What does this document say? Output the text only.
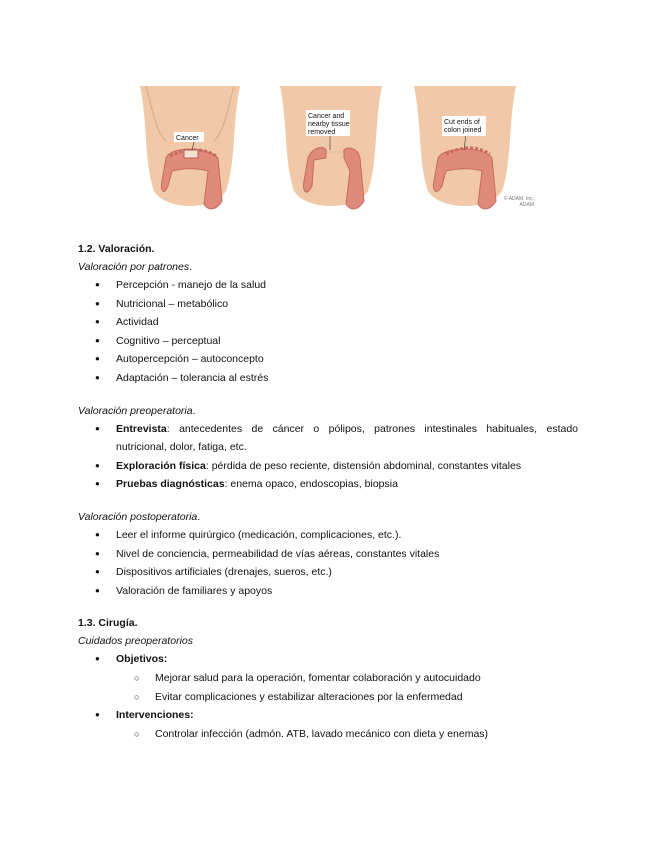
Cancer
Cancer and
nearby tissue
removed
Cut ends of
colon joined
© ADAM, Inc.
ADAM
1.2. Valoración.
Valoración por patrones.
● Percepción - manejo de la salud
● Nutricional – metabólico
● Actividad
● Cognitivo – perceptual
● Autopercepción – autoconcepto
● Adaptación – tolerancia al estrés
Valoración preoperatoria.
● Entrevista: antecedentes de cáncer o pólipos, patrones intestinales habituales, estado
nutricional, dolor, fatiga, etc.
● Exploración física: pérdida de peso reciente, distensión abdominal, constantes vitales
● Pruebas diagnósticas: enema opaco, endoscopias, biopsia
Valoración postoperatoria.
● Leer el informe quirúrgico (medicación, complicaciones, etc.).
● Nivel de conciencia, permeabilidad de vías aéreas, constantes vitales
● Dispositivos artificiales (drenajes, sueros, etc.)
● Valoración de familiares y apoyos
1.3. Cirugía.
Cuidados preoperatorios
● Objetivos:
○ Mejorar salud para la operación, fomentar colaboración y autocuidado
○ Evitar complicaciones y estabilizar alteraciones por la enfermedad
● Intervenciones:
○ Controlar infección (admón. ATB, lavado mecánico con dieta y enemas)
